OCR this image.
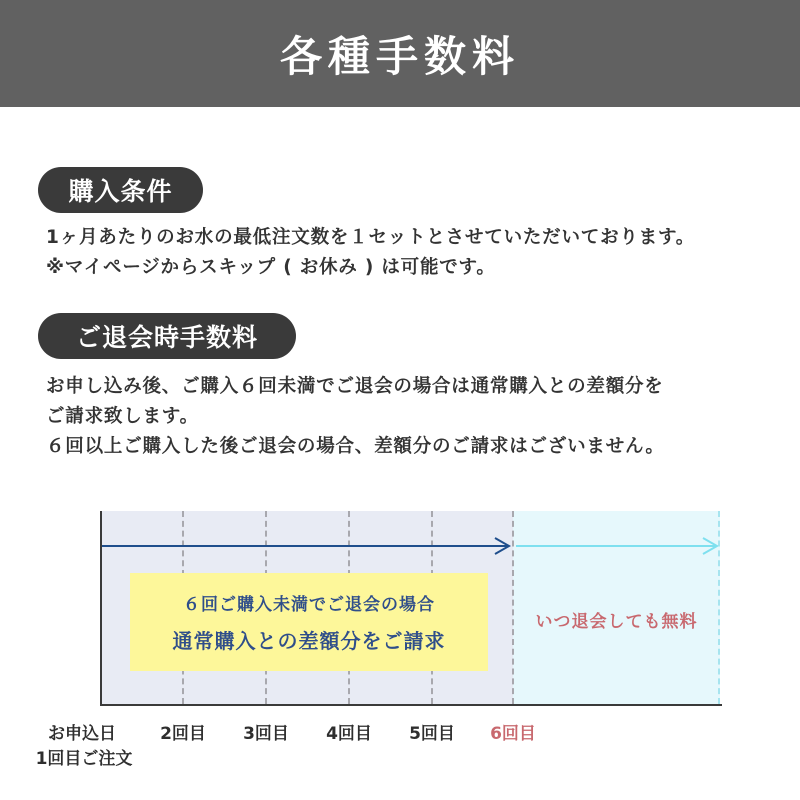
各種手数料
購入条件
1ヶ月あたりのお水の最低注文数を１セットとさせていただいております。
※マイページからスキップ ( お休み ) は可能です。
ご退会時手数料
お申し込み後、ご購入６回未満でご退会の場合は通常購入との差額分を
ご請求致します。
６回以上ご購入した後ご退会の場合、差額分のご請求はございません。
６回ご購入未満でご退会の場合
通常購入との差額分をご請求
いつ退会しても無料
お申込日
1回目ご注文
2回目 3回目 4回目 5回目 6回目
